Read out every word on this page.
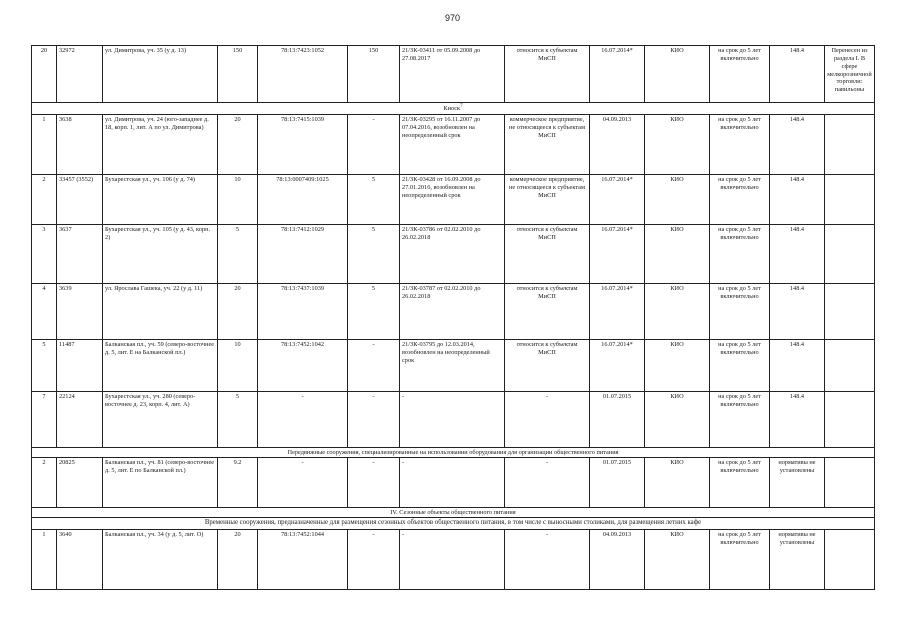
970
20	32972	ул. Димитрова, уч. 35 (у д. 13)	150	78:13:7423:1052	150	21/ЗК-03411 от 05.09.2008 до 27.08.2017	относится к субъектам МиСП	16.07.2014*	КИО	на срок до 5 лет включительно	148.4	Перенесен из раздела I. В сфере мелкорозничной торговли: павильоны
Киоск$^7$
1	3638	ул. Димитрова, уч. 24 (юго-западнее д. 18, корп. 1, лит. А по ул. Димитрова)	20	78:13:7415:1039	-	21/ЗК-03295 от 16.11.2007 до 07.04.2016, возобновлен на неопределенный срок	коммерческое предприятие, не относящееся к субъектам МиСП	04.09.2013	КИО	на срок до 5 лет включительно	148.4	
2	33457 (3552)	Бухарестская ул., уч. 106 (у д. 74)	10	78:13:0007409:1025	5	21/ЗК-03428 от 16.09.2008 до 27.01.2016, возобновлен на неопределенный срок	коммерческое предприятие, не относящееся к субъектам МиСП	16.07.2014*	КИО	на срок до 5 лет включительно	148.4	
3	3637	Бухарестская ул., уч. 105 (у д. 43, корп. 2)	5	78:13:7412:1029	5	21/ЗК-03786 от 02.02.2010 до 26.02.2018	относится к субъектам МиСП	16.07.2014*	КИО	на срок до 5 лет включительно	148.4	
4	3639	ул. Ярослава Гашека, уч. 22 (у д. 11)	20	78:13:7437:1039	5	21/ЗК-03787 от 02.02.2010 до 26.02.2018	относится к субъектам МиСП	16.07.2014*	КИО	на срок до 5 лет включительно	148.4	
5	11487	Балканская пл., уч. 59 (северо-восточнее д. 5, лит. Е на Балканской пл.)	10	78:13:7452:1042	-	21/ЗК-03795 до 12.03.2014, возобновлен на неопределенный срок	относится к субъектам МиСП	16.07.2014*	КИО	на срок до 5 лет включительно	148.4	
7	22124	Бухарестская ул., уч. 280 (северо-восточнее д. 23, корп. 4, лит. А)	5	-	-	-	-	01.07.2015	КИО	на срок до 5 лет включительно	148.4	
Передвижные сооружения, специализированные на использовании оборудования для организации общественного питания												
2	20825	Балканская пл., уч. 81 (северо-восточнее д. 5, лит. Е по Балканской пл.)	9.2	-	-	-	-	01.07.2015	КИО	на срок до 5 лет включительно	нормативы не установлены	
IV. Сезонные объекты общественного питания												
Временные сооружения, предназначенные для размещения сезонных объектов общественного питания, в том числе с выносными столиками, для размещения летних кафе												
1	3640	Балканская пл., уч. 34 (у д. 5, лит. О)	20	78:13:7452:1044	-	-	-	04.09.2013	КИО	на срок до 5 лет включительно	нормативы не установлены	
